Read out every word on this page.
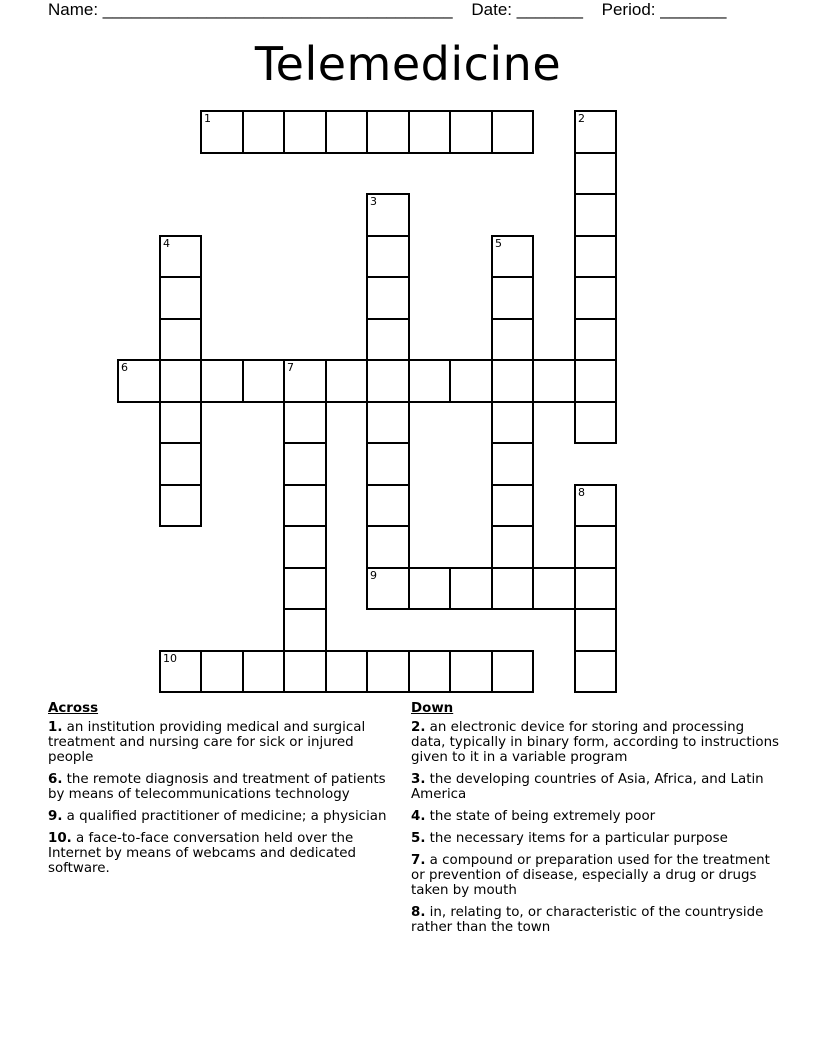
Name: _____________________________________ Date: _______ Period: _______
Telemedicine
1	2
3
4	5
6	7
8
9
10
Across
1. an institution providing medical and surgical treatment and nursing care for sick or injured people
6. the remote diagnosis and treatment of patients by means of telecommunications technology
9. a qualified practitioner of medicine; a physician
10. a face-to-face conversation held over the Internet by means of webcams and dedicated software.
Down
2. an electronic device for storing and processing data, typically in binary form, according to instructions given to it in a variable program
3. the developing countries of Asia, Africa, and Latin America
4. the state of being extremely poor
5. the necessary items for a particular purpose
7. a compound or preparation used for the treatment or prevention of disease, especially a drug or drugs taken by mouth
8. in, relating to, or characteristic of the countryside rather than the town
